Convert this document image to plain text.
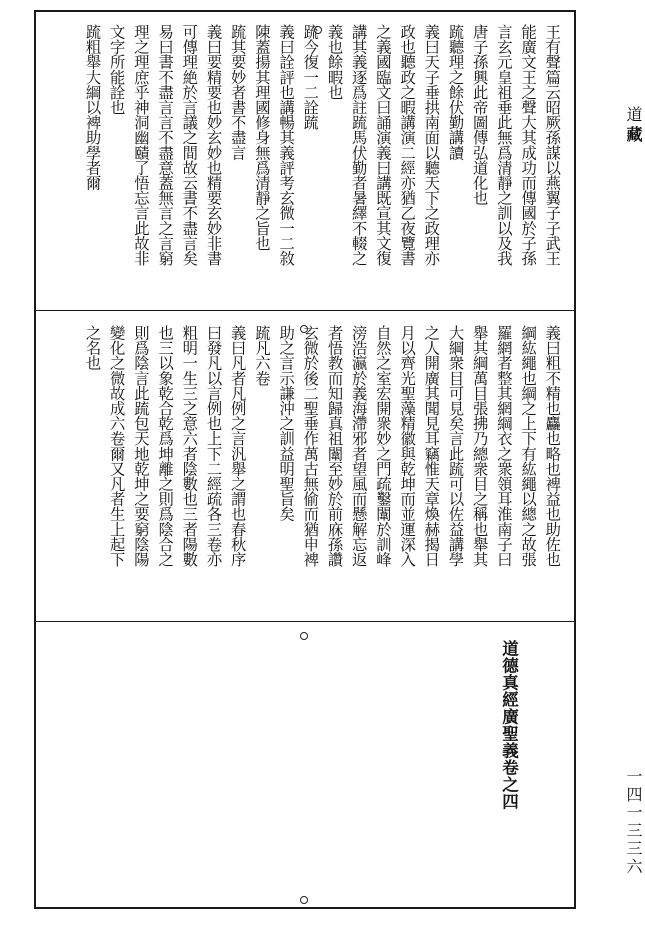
王有聲篇云昭厥孫謀以燕翼子子武王
能廣文王之聲大其成功而傳國於子孫
言玄元皇祖垂此無爲清靜之訓以及我
唐子孫興此帝圖傳弘道化也
䟽聽理之餘伏勤講讀
義曰天子垂拱南面以聽天下之政理亦
政也聽政之暇講演二經亦猶乙夜覽書
之義國臨文曰誦演義曰講既宣其文復
講其義逐爲註䟽馬伏勤者暑繹不輟之
義也餘暇也
䟽今復一二詮䟽
義曰詮評也講暢其義評考玄微一二敘
陳蓋揚其理國修身無爲清靜之旨也
䟽其要妙者書不盡言
義曰要精要也妙玄妙也精要玄妙非書
可傳理絶於言議之間故云書不盡言矣
易曰書不盡言言不盡意蓋無言之言窮
理之理庶乎神洞幽賾了悟忘言此故非
文字所能詮也
䟽粗舉大綱以裨助學者爾
義曰粗不精也麤也略也裨益也助佐也
綱紘繩也綱之上下有紘繩以總之故張
羅網者整其網綱衣之衆領耳淮南子曰
舉其綱萬目張拂乃總衆目之稱也舉其
大綱衆目可見矣言此䟽可以佐益講學
之人開廣其聞見耳竊惟天章煥赫揭日
月以齊光聖藻精徽與乾坤而並運深入
自然之室宏開衆妙之門疏鑿闈於訓峰
滂浩瀛於義海滯邪者望風而懸解忘返
者悟教而知歸真祖闈至妙於前庥孫讚
玄微於後二聖垂作萬古無偷而猶申裨
助之言示謙沖之訓益明聖旨矣
䟽凡六卷
義曰凡者凡例之言汎舉之謂也春秋序
曰發凡以言例也上下二經疏各三卷亦
粗明一生三之意六者陰數也三者陽數
也三以象乾合乾爲坤離之則爲陰合之
則爲陰言此䟽包天地乾坤之要窮陰陽
變化之微故成六卷爾又凡者生上起下
之名也
道德真經廣聖義卷之四
道
藏
一四一三三六
